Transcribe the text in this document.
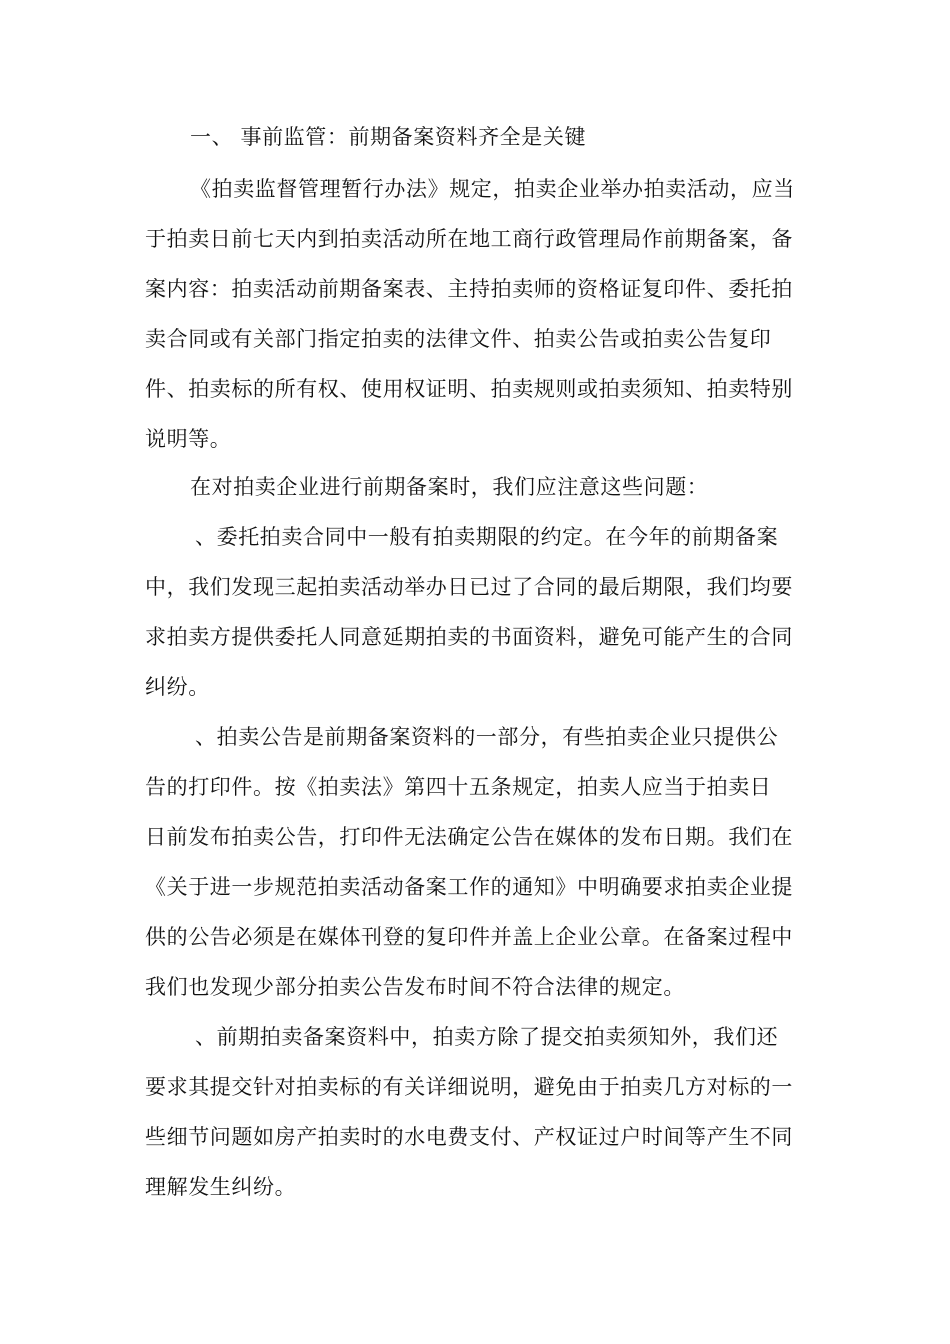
一、 事前监管：前期备案资料齐全是关键
《拍卖监督管理暂行办法》规定，拍卖企业举办拍卖活动，应当
于拍卖日前七天内到拍卖活动所在地工商行政管理局作前期备案，备
案内容：拍卖活动前期备案表、主持拍卖师的资格证复印件、委托拍
卖合同或有关部门指定拍卖的法律文件、拍卖公告或拍卖公告复印
件、拍卖标的所有权、使用权证明、拍卖规则或拍卖须知、拍卖特别
说明等。
在对拍卖企业进行前期备案时，我们应注意这些问题：
、委托拍卖合同中一般有拍卖期限的约定。在今年的前期备案
中，我们发现三起拍卖活动举办日已过了合同的最后期限，我们均要
求拍卖方提供委托人同意延期拍卖的书面资料，避免可能产生的合同
纠纷。
、拍卖公告是前期备案资料的一部分，有些拍卖企业只提供公
告的打印件。按《拍卖法》第四十五条规定，拍卖人应当于拍卖日
日前发布拍卖公告，打印件无法确定公告在媒体的发布日期。我们在
《关于进一步规范拍卖活动备案工作的通知》中明确要求拍卖企业提
供的公告必须是在媒体刊登的复印件并盖上企业公章。在备案过程中
我们也发现少部分拍卖公告发布时间不符合法律的规定。
、前期拍卖备案资料中，拍卖方除了提交拍卖须知外，我们还
要求其提交针对拍卖标的有关详细说明，避免由于拍卖几方对标的一
些细节问题如房产拍卖时的水电费支付、产权证过户时间等产生不同
理解发生纠纷。
